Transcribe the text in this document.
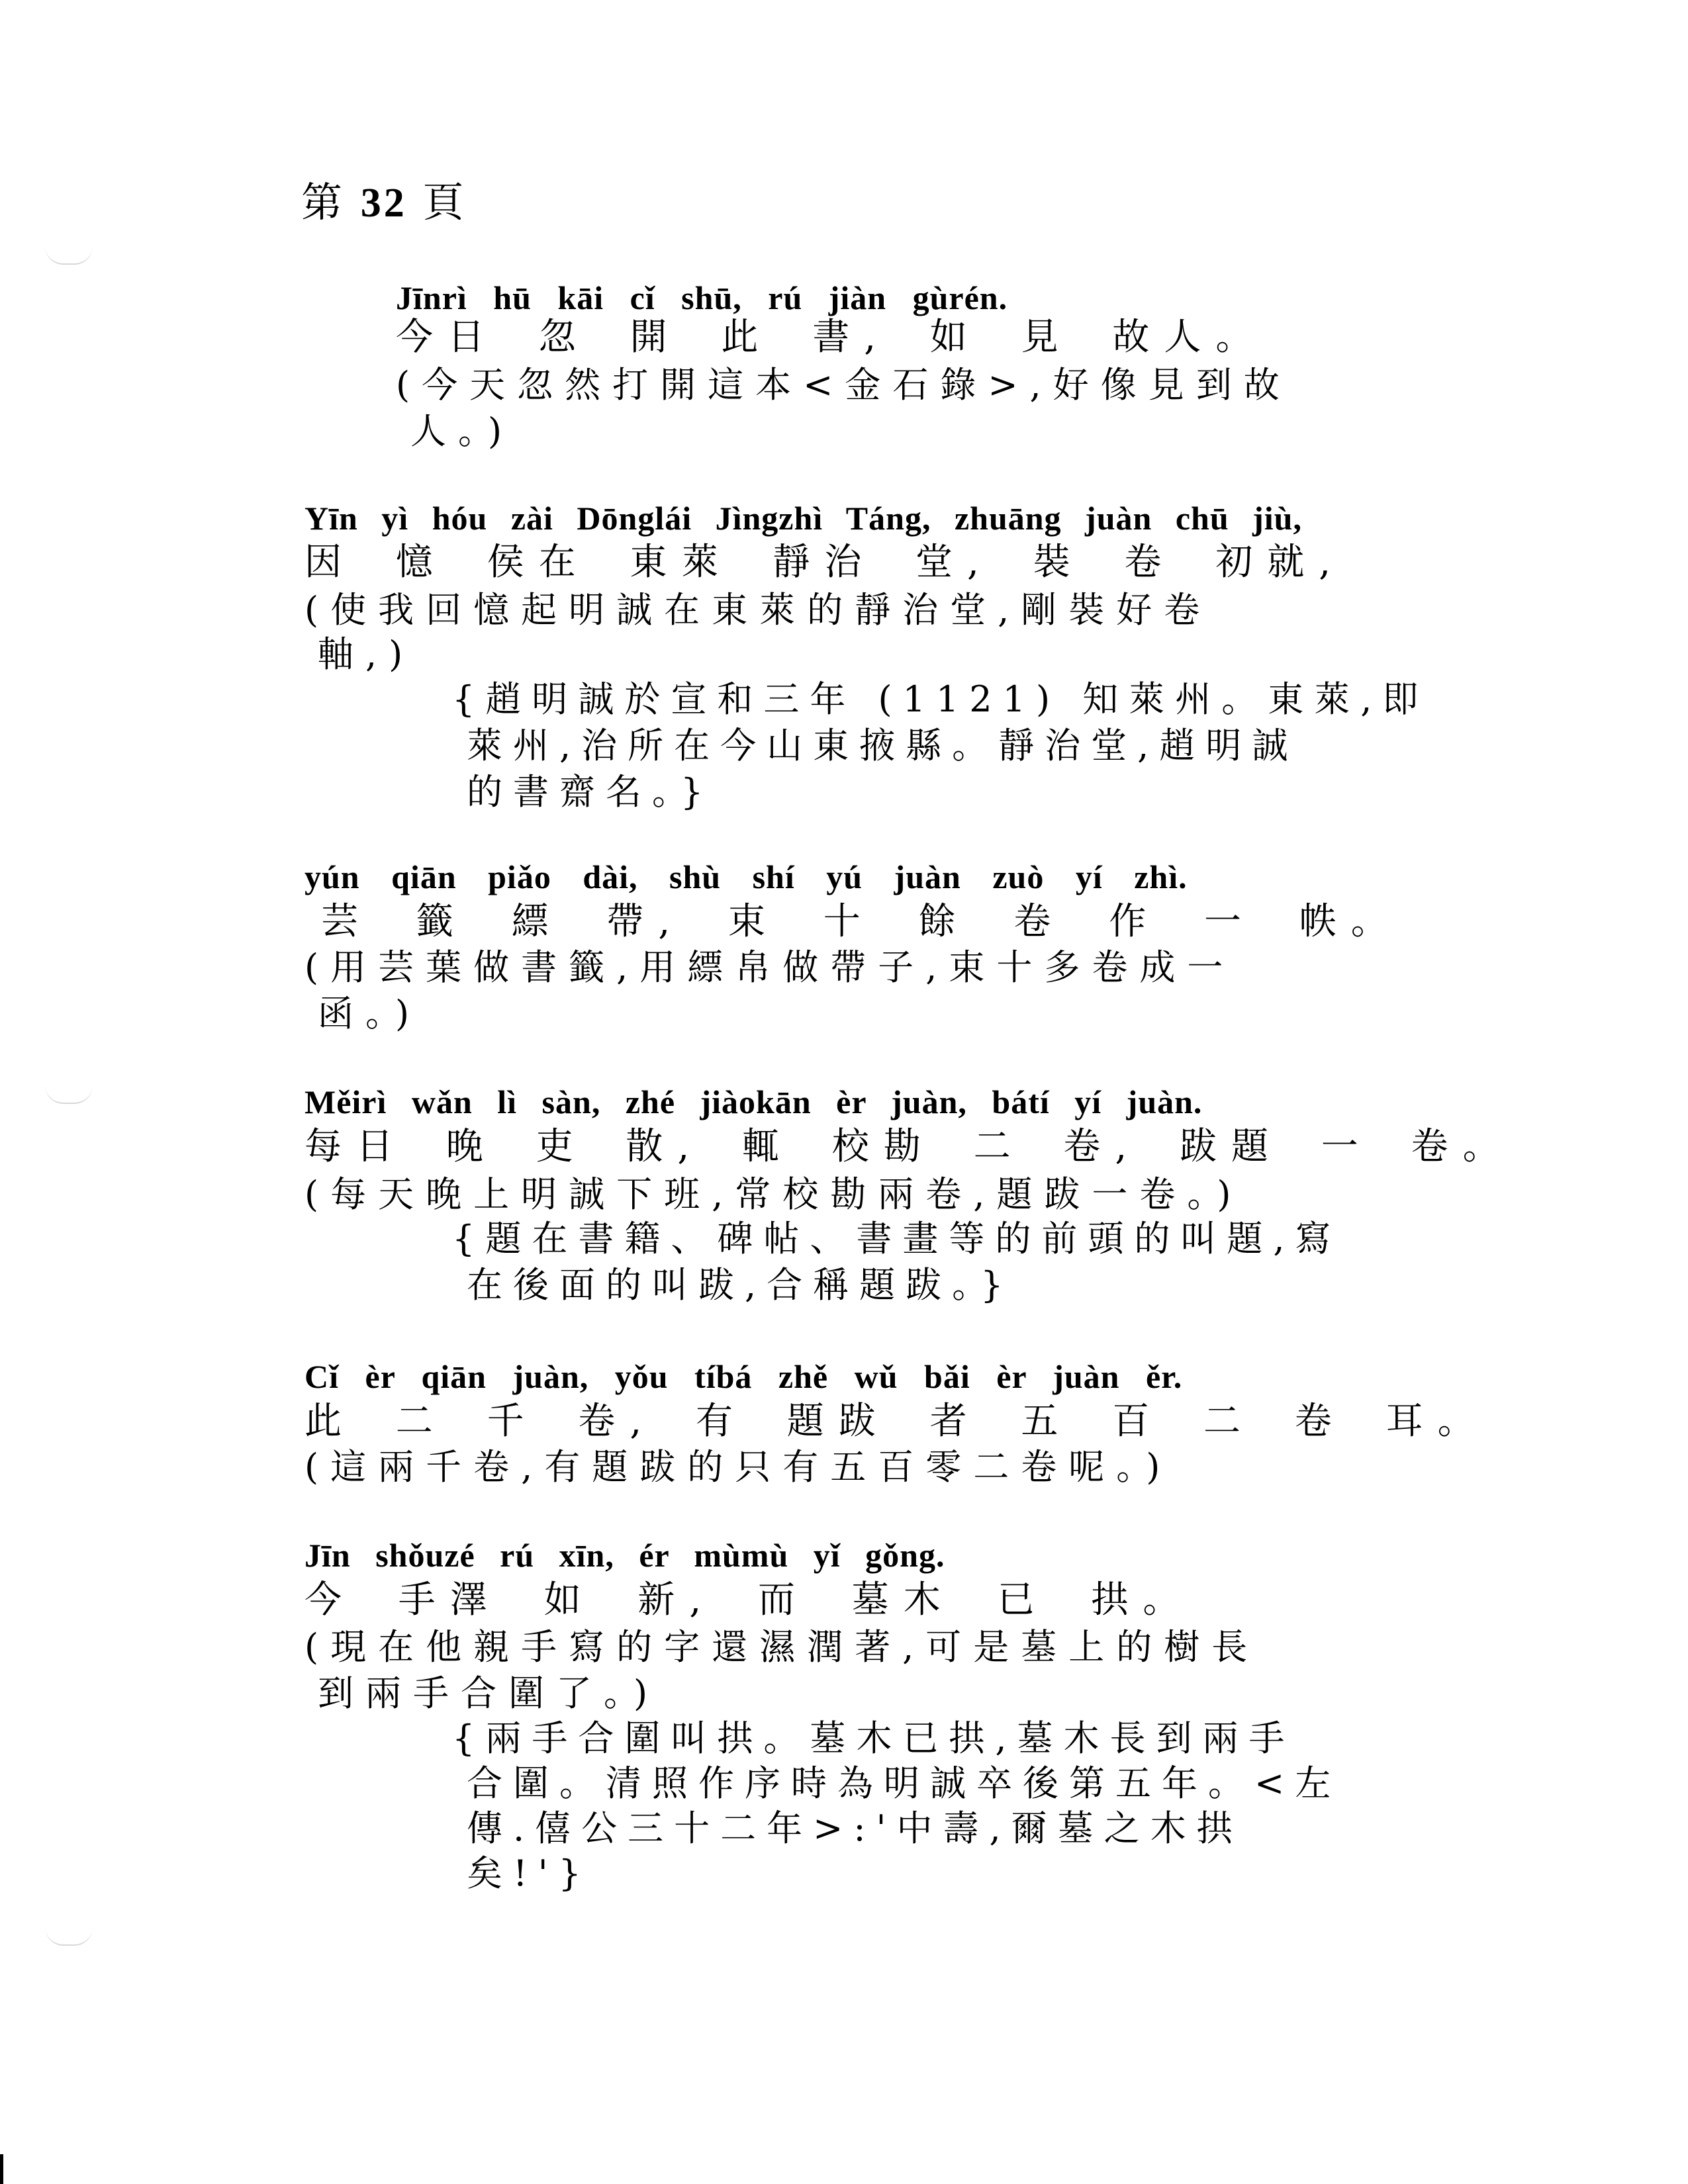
第 32 頁
Jīnrì hū kāi cǐ shū, rú jiàn gùrén.
今日 忽 開 此 書, 如 見 故人。
(今天忽然打開這本<金石錄>,好像見到故
人。)
Yīn yì hóu zài Dōnglái Jìngzhì Táng, zhuāng juàn chū jiù,
因 憶 侯在 東萊 靜治 堂, 裝 卷 初就,
(使我回憶起明誠在東萊的靜治堂,剛裝好卷
軸,)
{趙明誠於宣和三年 (1121) 知萊州。東萊,即
萊州,治所在今山東掖縣。靜治堂,趙明誠
的書齋名。}
yún qiān piǎo dài, shù shí yú juàn zuò yí zhì.
芸 籤 縹 帶, 束 十 餘 卷 作 一 帙。
(用芸葉做書籤,用縹帛做帶子,束十多卷成一
函。)
Měirì wǎn lì sàn, zhé jiàokān èr juàn, bátí yí juàn.
每日 晚 吏 散, 輒 校勘 二 卷, 跋題 一 卷。
(每天晚上明誠下班,常校勘兩卷,題跋一卷。)
{題在書籍、碑帖、書畫等的前頭的叫題,寫
在後面的叫跋,合稱題跋。}
Cǐ èr qiān juàn, yǒu tíbá zhě wǔ bǎi èr juàn ěr.
此 二 千 卷, 有 題跋 者 五 百 二 卷 耳。
(這兩千卷,有題跋的只有五百零二卷呢。)
Jīn shǒuzé rú xīn, ér mùmù yǐ gǒng.
今 手澤 如 新, 而 墓木 已 拱。
(現在他親手寫的字還濕潤著,可是墓上的樹長
到兩手合圍了。)
{兩手合圍叫拱。墓木已拱,墓木長到兩手
合圍。清照作序時為明誠卒後第五年。<左
傳.僖公三十二年>:'中壽,爾墓之木拱
矣!'}
